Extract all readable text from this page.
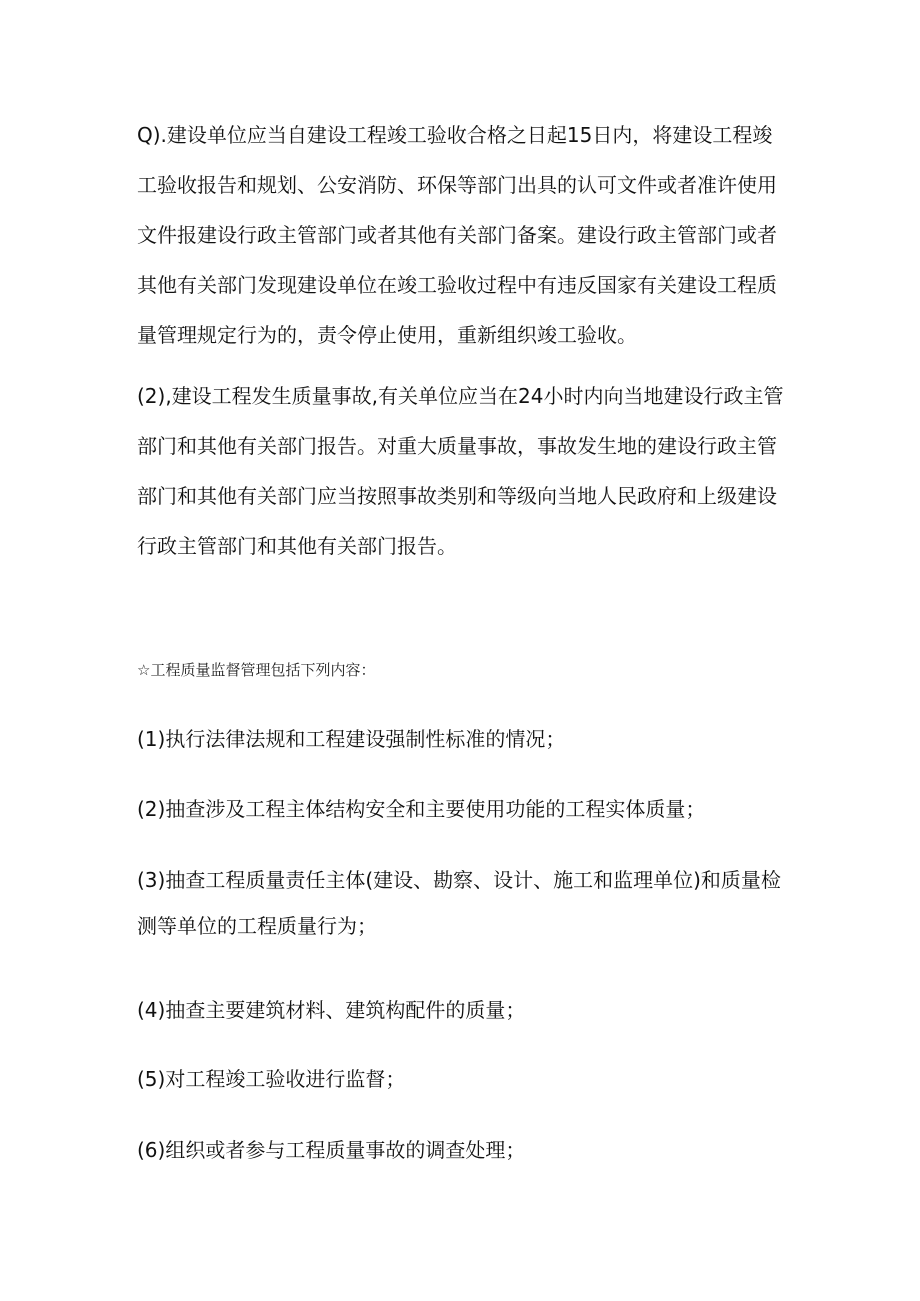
Q).建设单位应当自建设工程竣工验收合格之日起15日内，将建设工程竣工验收报告和规划、公安消防、环保等部门出具的认可文件或者准许使用文件报建设行政主管部门或者其他有关部门备案。建设行政主管部门或者其他有关部门发现建设单位在竣工验收过程中有违反国家有关建设工程质量管理规定行为的，责令停止使用，重新组织竣工验收。

(2),建设工程发生质量事故,有关单位应当在24小时内向当地建设行政主管部门和其他有关部门报告。对重大质量事故，事故发生地的建设行政主管部门和其他有关部门应当按照事故类别和等级向当地人民政府和上级建设行政主管部门和其他有关部门报告。

☆工程质量监督管理包括下列内容：

(1)执行法律法规和工程建设强制性标准的情况；

(2)抽查涉及工程主体结构安全和主要使用功能的工程实体质量；

(3)抽查工程质量责任主体(建设、勘察、设计、施工和监理单位)和质量检测等单位的工程质量行为；

(4)抽查主要建筑材料、建筑构配件的质量；

(5)对工程竣工验收进行监督；

(6)组织或者参与工程质量事故的调查处理；
